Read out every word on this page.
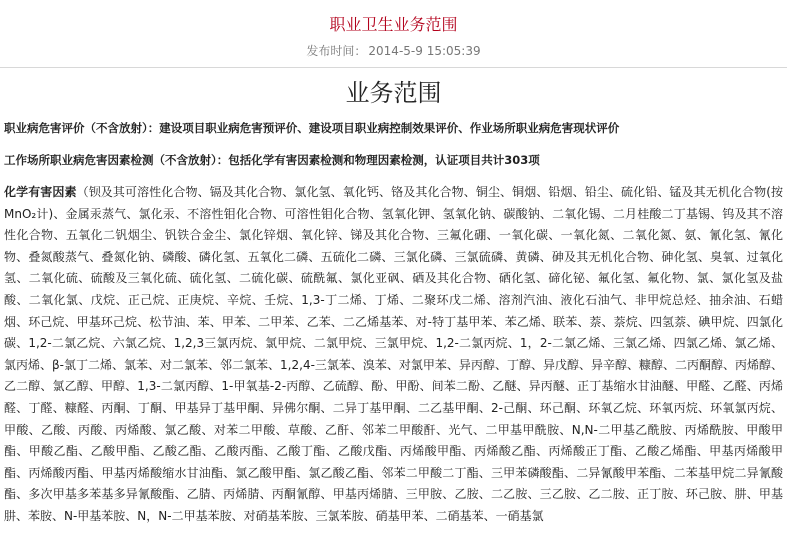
职业卫生业务范围
发布时间： 2014-5-9 15:05:39
业务范围
职业病危害评价（不含放射）：建设项目职业病危害预评价、建设项目职业病控制效果评价、作业场所职业病危害现状评价
工作场所职业病危害因素检测（不含放射）：包括化学有害因素检测和物理因素检测，认证项目共计303项
化学有害因素（钡及其可溶性化合物、镉及其化合物、氯化氢、氧化钙、铬及其化合物、铜尘、铜烟、铅烟、铅尘、硫化铅、锰及其无机化合物(按MnO₂计)、金属汞蒸气、氯化汞、不溶性钼化合物、可溶性钼化合物、氢氧化钾、氢氧化钠、碳酸钠、二氧化锡、二月桂酸二丁基锡、钨及其不溶性化合物、五氧化二钒烟尘、钒铁合金尘、氯化锌烟、氧化锌、锑及其化合物、三氟化硼、一氧化碳、一氧化氮、二氧化氮、氨、氰化氢、氰化物、叠氮酸蒸气、叠氮化钠、磷酸、磷化氢、五氧化二磷、五硫化二磷、三氯化磷、三氯硫磷、黄磷、砷及其无机化合物、砷化氢、臭氧、过氧化氢、二氧化硫、硫酸及三氧化硫、硫化氢、二硫化碳、硫酰氟、氯化亚砜、硒及其化合物、硒化氢、碲化铋、氟化氢、氟化物、氯、氯化氢及盐酸、二氧化氯、戊烷、正己烷、正庚烷、辛烷、壬烷、1,3-丁二烯、丁烯、二聚环戊二烯、溶剂汽油、液化石油气、非甲烷总烃、抽余油、石蜡烟、环己烷、甲基环己烷、松节油、苯、甲苯、二甲苯、乙苯、二乙烯基苯、对-特丁基甲苯、苯乙烯、联苯、萘、萘烷、四氢萘、碘甲烷、四氯化碳、1,2-二氯乙烷、六氯乙烷、1,2,3三氯丙烷、氯甲烷、二氯甲烷、三氯甲烷、1,2-二氯丙烷、1，2-二氯乙烯、三氯乙烯、四氯乙烯、氯乙烯、氯丙烯、β-氯丁二烯、氯苯、对二氯苯、邻二氯苯、1,2,4-三氯苯、溴苯、对氯甲苯、异丙醇、丁醇、异戊醇、异辛醇、糠醇、二丙酮醇、丙烯醇、乙二醇、氯乙醇、甲醇、1,3-二氯丙醇、1-甲氧基-2-丙醇、乙硫醇、酚、甲酚、间苯二酚、乙醚、异丙醚、正丁基缩水甘油醚、甲醛、乙醛、丙烯醛、丁醛、糠醛、丙酮、丁酮、甲基异丁基甲酮、异佛尔酮、二异丁基甲酮、二乙基甲酮、2-己酮、环己酮、环氧乙烷、环氧丙烷、环氧氯丙烷、甲酸、乙酸、丙酸、丙烯酸、氯乙酸、对苯二甲酸、草酸、乙酐、邻苯二甲酸酐、光气、二甲基甲酰胺、N,N-二甲基乙酰胺、丙烯酰胺、甲酸甲酯、甲酸乙酯、乙酸甲酯、乙酸乙酯、乙酸丙酯、乙酸丁酯、乙酸戊酯、丙烯酸甲酯、丙烯酸乙酯、丙烯酸正丁酯、乙酸乙烯酯、甲基丙烯酸甲酯、丙烯酸丙酯、甲基丙烯酸缩水甘油酯、氯乙酸甲酯、氯乙酸乙酯、邻苯二甲酸二丁酯、三甲苯磷酸酯、二异氰酸甲苯酯、二苯基甲烷二异氰酸酯、多次甲基多苯基多异氰酸酯、乙腈、丙烯腈、丙酮氰醇、甲基丙烯腈、三甲胺、乙胺、二乙胺、三乙胺、乙二胺、正丁胺、环己胺、肼、甲基肼、苯胺、N-甲基苯胺、N，N-二甲基苯胺、对硝基苯胺、三氯苯胺、硝基甲苯、二硝基苯、一硝基氯
